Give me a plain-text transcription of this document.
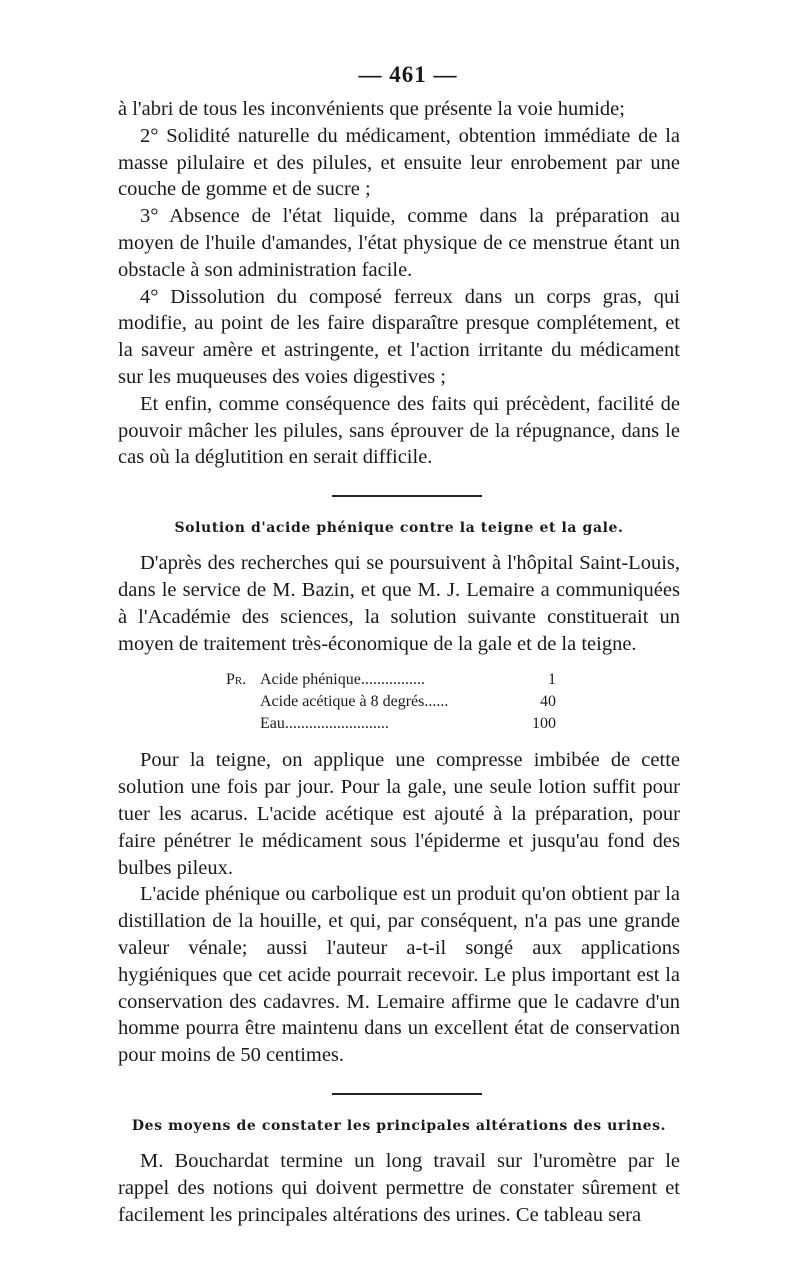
— 461 —

à l'abri de tous les inconvénients que présente la voie humide;

2° Solidité naturelle du médicament, obtention immédiate de la masse pilulaire et des pilules, et ensuite leur enrobement par une couche de gomme et de sucre ;

3° Absence de l'état liquide, comme dans la préparation au moyen de l'huile d'amandes, l'état physique de ce menstrue étant un obstacle à son administration facile.

4° Dissolution du composé ferreux dans un corps gras, qui modifie, au point de les faire disparaître presque complétement, et la saveur amère et astringente, et l'action irritante du médicament sur les muqueuses des voies digestives ;

Et enfin, comme conséquence des faits qui précèdent, facilité de pouvoir mâcher les pilules, sans éprouver de la répugnance, dans le cas où la déglutition en serait difficile.

Solution d'acide phénique contre la teigne et la gale.

D'après des recherches qui se poursuivent à l'hôpital Saint-Louis, dans le service de M. Bazin, et que M. J. Lemaire a communiquées à l'Académie des sciences, la solution suivante constituerait un moyen de traitement très-économique de la gale et de la teigne.

Pr. Acide phénique................	1
Acide acétique à 8 degrés......	40
Eau..........................	100

Pour la teigne, on applique une compresse imbibée de cette solution une fois par jour. Pour la gale, une seule lotion suffit pour tuer les acarus. L'acide acétique est ajouté à la préparation, pour faire pénétrer le médicament sous l'épiderme et jusqu'au fond des bulbes pileux.

L'acide phénique ou carbolique est un produit qu'on obtient par la distillation de la houille, et qui, par conséquent, n'a pas une grande valeur vénale; aussi l'auteur a-t-il songé aux applications hygiéniques que cet acide pourrait recevoir. Le plus important est la conservation des cadavres. M. Lemaire affirme que le cadavre d'un homme pourra être maintenu dans un excellent état de conservation pour moins de 50 centimes.

Des moyens de constater les principales altérations des urines.

M. Bouchardat termine un long travail sur l'uromètre par le rappel des notions qui doivent permettre de constater sûrement et facilement les principales altérations des urines. Ce tableau sera
